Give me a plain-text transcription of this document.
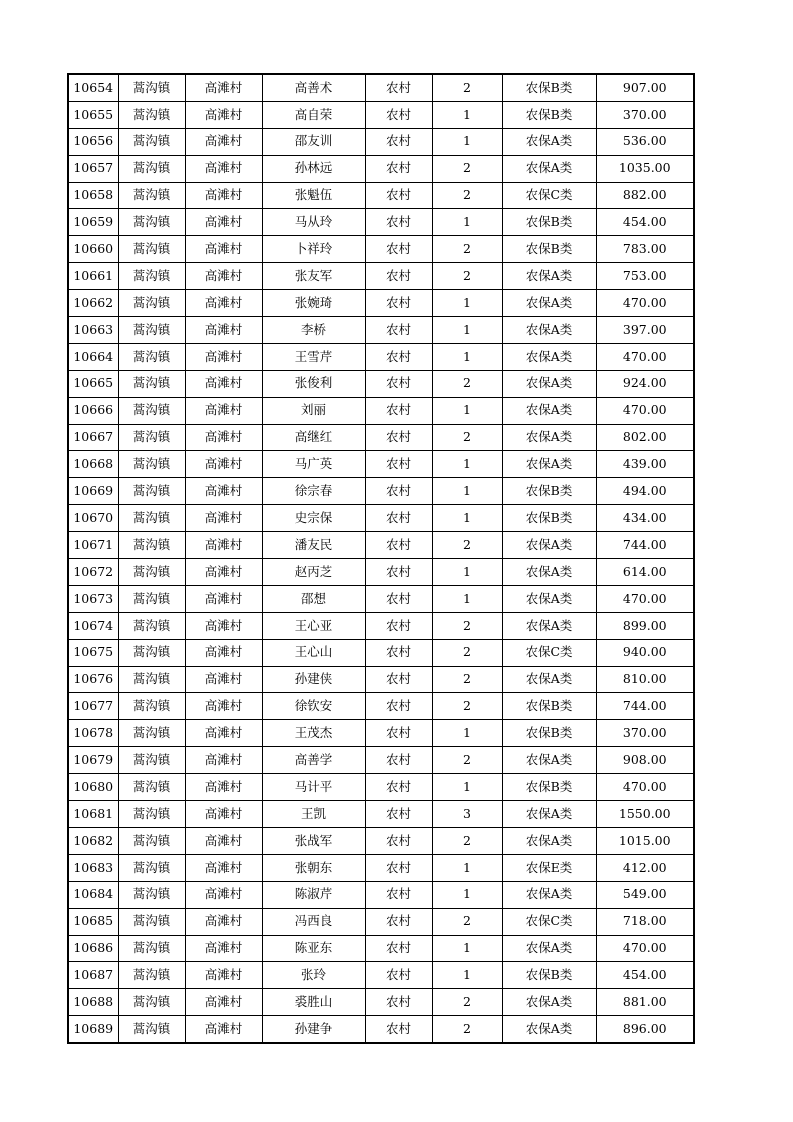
10654	蒿沟镇	高滩村	高善术	农村	2	农保B类	907.00
10655	蒿沟镇	高滩村	高自荣	农村	1	农保B类	370.00
10656	蒿沟镇	高滩村	邵友训	农村	1	农保A类	536.00
10657	蒿沟镇	高滩村	孙林远	农村	2	农保A类	1035.00
10658	蒿沟镇	高滩村	张魁伍	农村	2	农保C类	882.00
10659	蒿沟镇	高滩村	马从玲	农村	1	农保B类	454.00
10660	蒿沟镇	高滩村	卜祥玲	农村	2	农保B类	783.00
10661	蒿沟镇	高滩村	张友军	农村	2	农保A类	753.00
10662	蒿沟镇	高滩村	张婉琦	农村	1	农保A类	470.00
10663	蒿沟镇	高滩村	李桥	农村	1	农保A类	397.00
10664	蒿沟镇	高滩村	王雪芹	农村	1	农保A类	470.00
10665	蒿沟镇	高滩村	张俊利	农村	2	农保A类	924.00
10666	蒿沟镇	高滩村	刘丽	农村	1	农保A类	470.00
10667	蒿沟镇	高滩村	高继红	农村	2	农保A类	802.00
10668	蒿沟镇	高滩村	马广英	农村	1	农保A类	439.00
10669	蒿沟镇	高滩村	徐宗春	农村	1	农保B类	494.00
10670	蒿沟镇	高滩村	史宗保	农村	1	农保B类	434.00
10671	蒿沟镇	高滩村	潘友民	农村	2	农保A类	744.00
10672	蒿沟镇	高滩村	赵丙芝	农村	1	农保A类	614.00
10673	蒿沟镇	高滩村	邵想	农村	1	农保A类	470.00
10674	蒿沟镇	高滩村	王心亚	农村	2	农保A类	899.00
10675	蒿沟镇	高滩村	王心山	农村	2	农保C类	940.00
10676	蒿沟镇	高滩村	孙建侠	农村	2	农保A类	810.00
10677	蒿沟镇	高滩村	徐钦安	农村	2	农保B类	744.00
10678	蒿沟镇	高滩村	王茂杰	农村	1	农保B类	370.00
10679	蒿沟镇	高滩村	高善学	农村	2	农保A类	908.00
10680	蒿沟镇	高滩村	马计平	农村	1	农保B类	470.00
10681	蒿沟镇	高滩村	王凯	农村	3	农保A类	1550.00
10682	蒿沟镇	高滩村	张战军	农村	2	农保A类	1015.00
10683	蒿沟镇	高滩村	张朝东	农村	1	农保E类	412.00
10684	蒿沟镇	高滩村	陈淑芹	农村	1	农保A类	549.00
10685	蒿沟镇	高滩村	冯西良	农村	2	农保C类	718.00
10686	蒿沟镇	高滩村	陈亚东	农村	1	农保A类	470.00
10687	蒿沟镇	高滩村	张玲	农村	1	农保B类	454.00
10688	蒿沟镇	高滩村	裘胜山	农村	2	农保A类	881.00
10689	蒿沟镇	高滩村	孙建争	农村	2	农保A类	896.00
